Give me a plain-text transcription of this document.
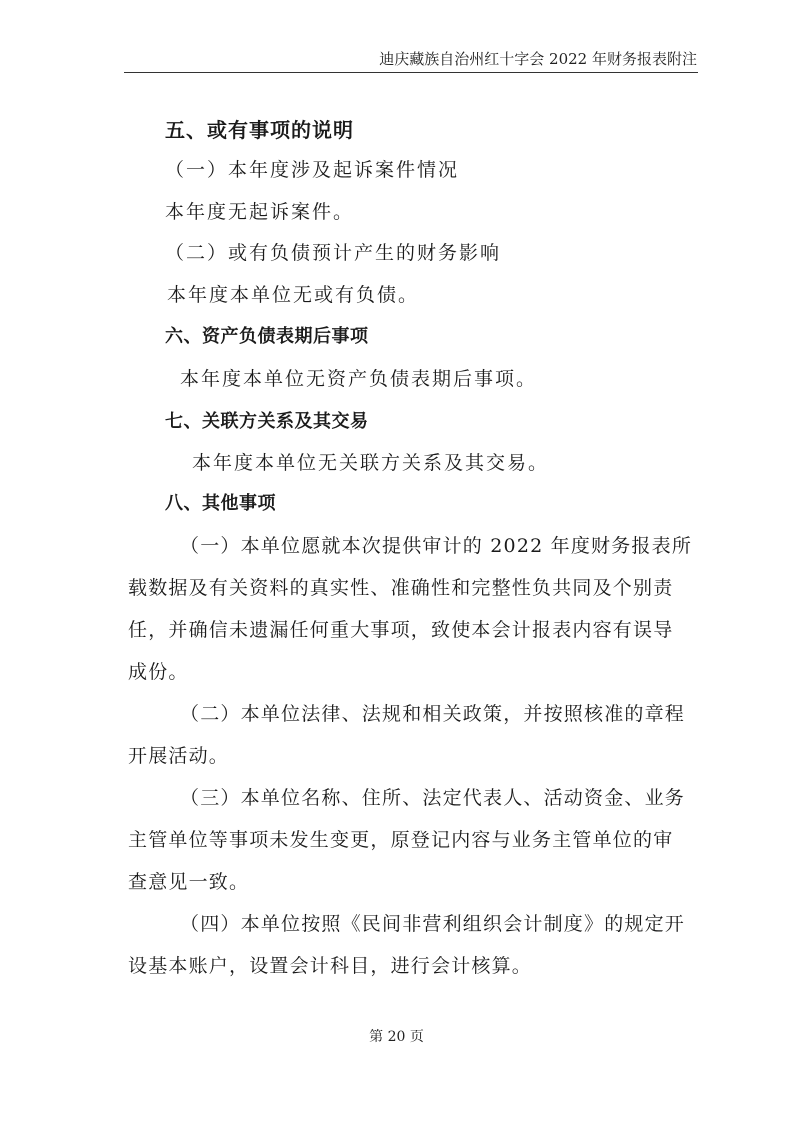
迪庆藏族自治州红十字会 2022 年财务报表附注
五、或有事项的说明
（一）本年度涉及起诉案件情况
本年度无起诉案件。
（二）或有负债预计产生的财务影响
本年度本单位无或有负债。
六、资产负债表期后事项
本年度本单位无资产负债表期后事项。
七、关联方关系及其交易
本年度本单位无关联方关系及其交易。
八、其他事项
（一）本单位愿就本次提供审计的 2022 年度财务报表所
载数据及有关资料的真实性、准确性和完整性负共同及个别责
任，并确信未遗漏任何重大事项，致使本会计报表内容有误导
成份。
（二）本单位法律、法规和相关政策，并按照核准的章程
开展活动。
（三）本单位名称、住所、法定代表人、活动资金、业务
主管单位等事项未发生变更，原登记内容与业务主管单位的审
查意见一致。
（四）本单位按照《民间非营利组织会计制度》的规定开
设基本账户，设置会计科目，进行会计核算。
第 20 页
